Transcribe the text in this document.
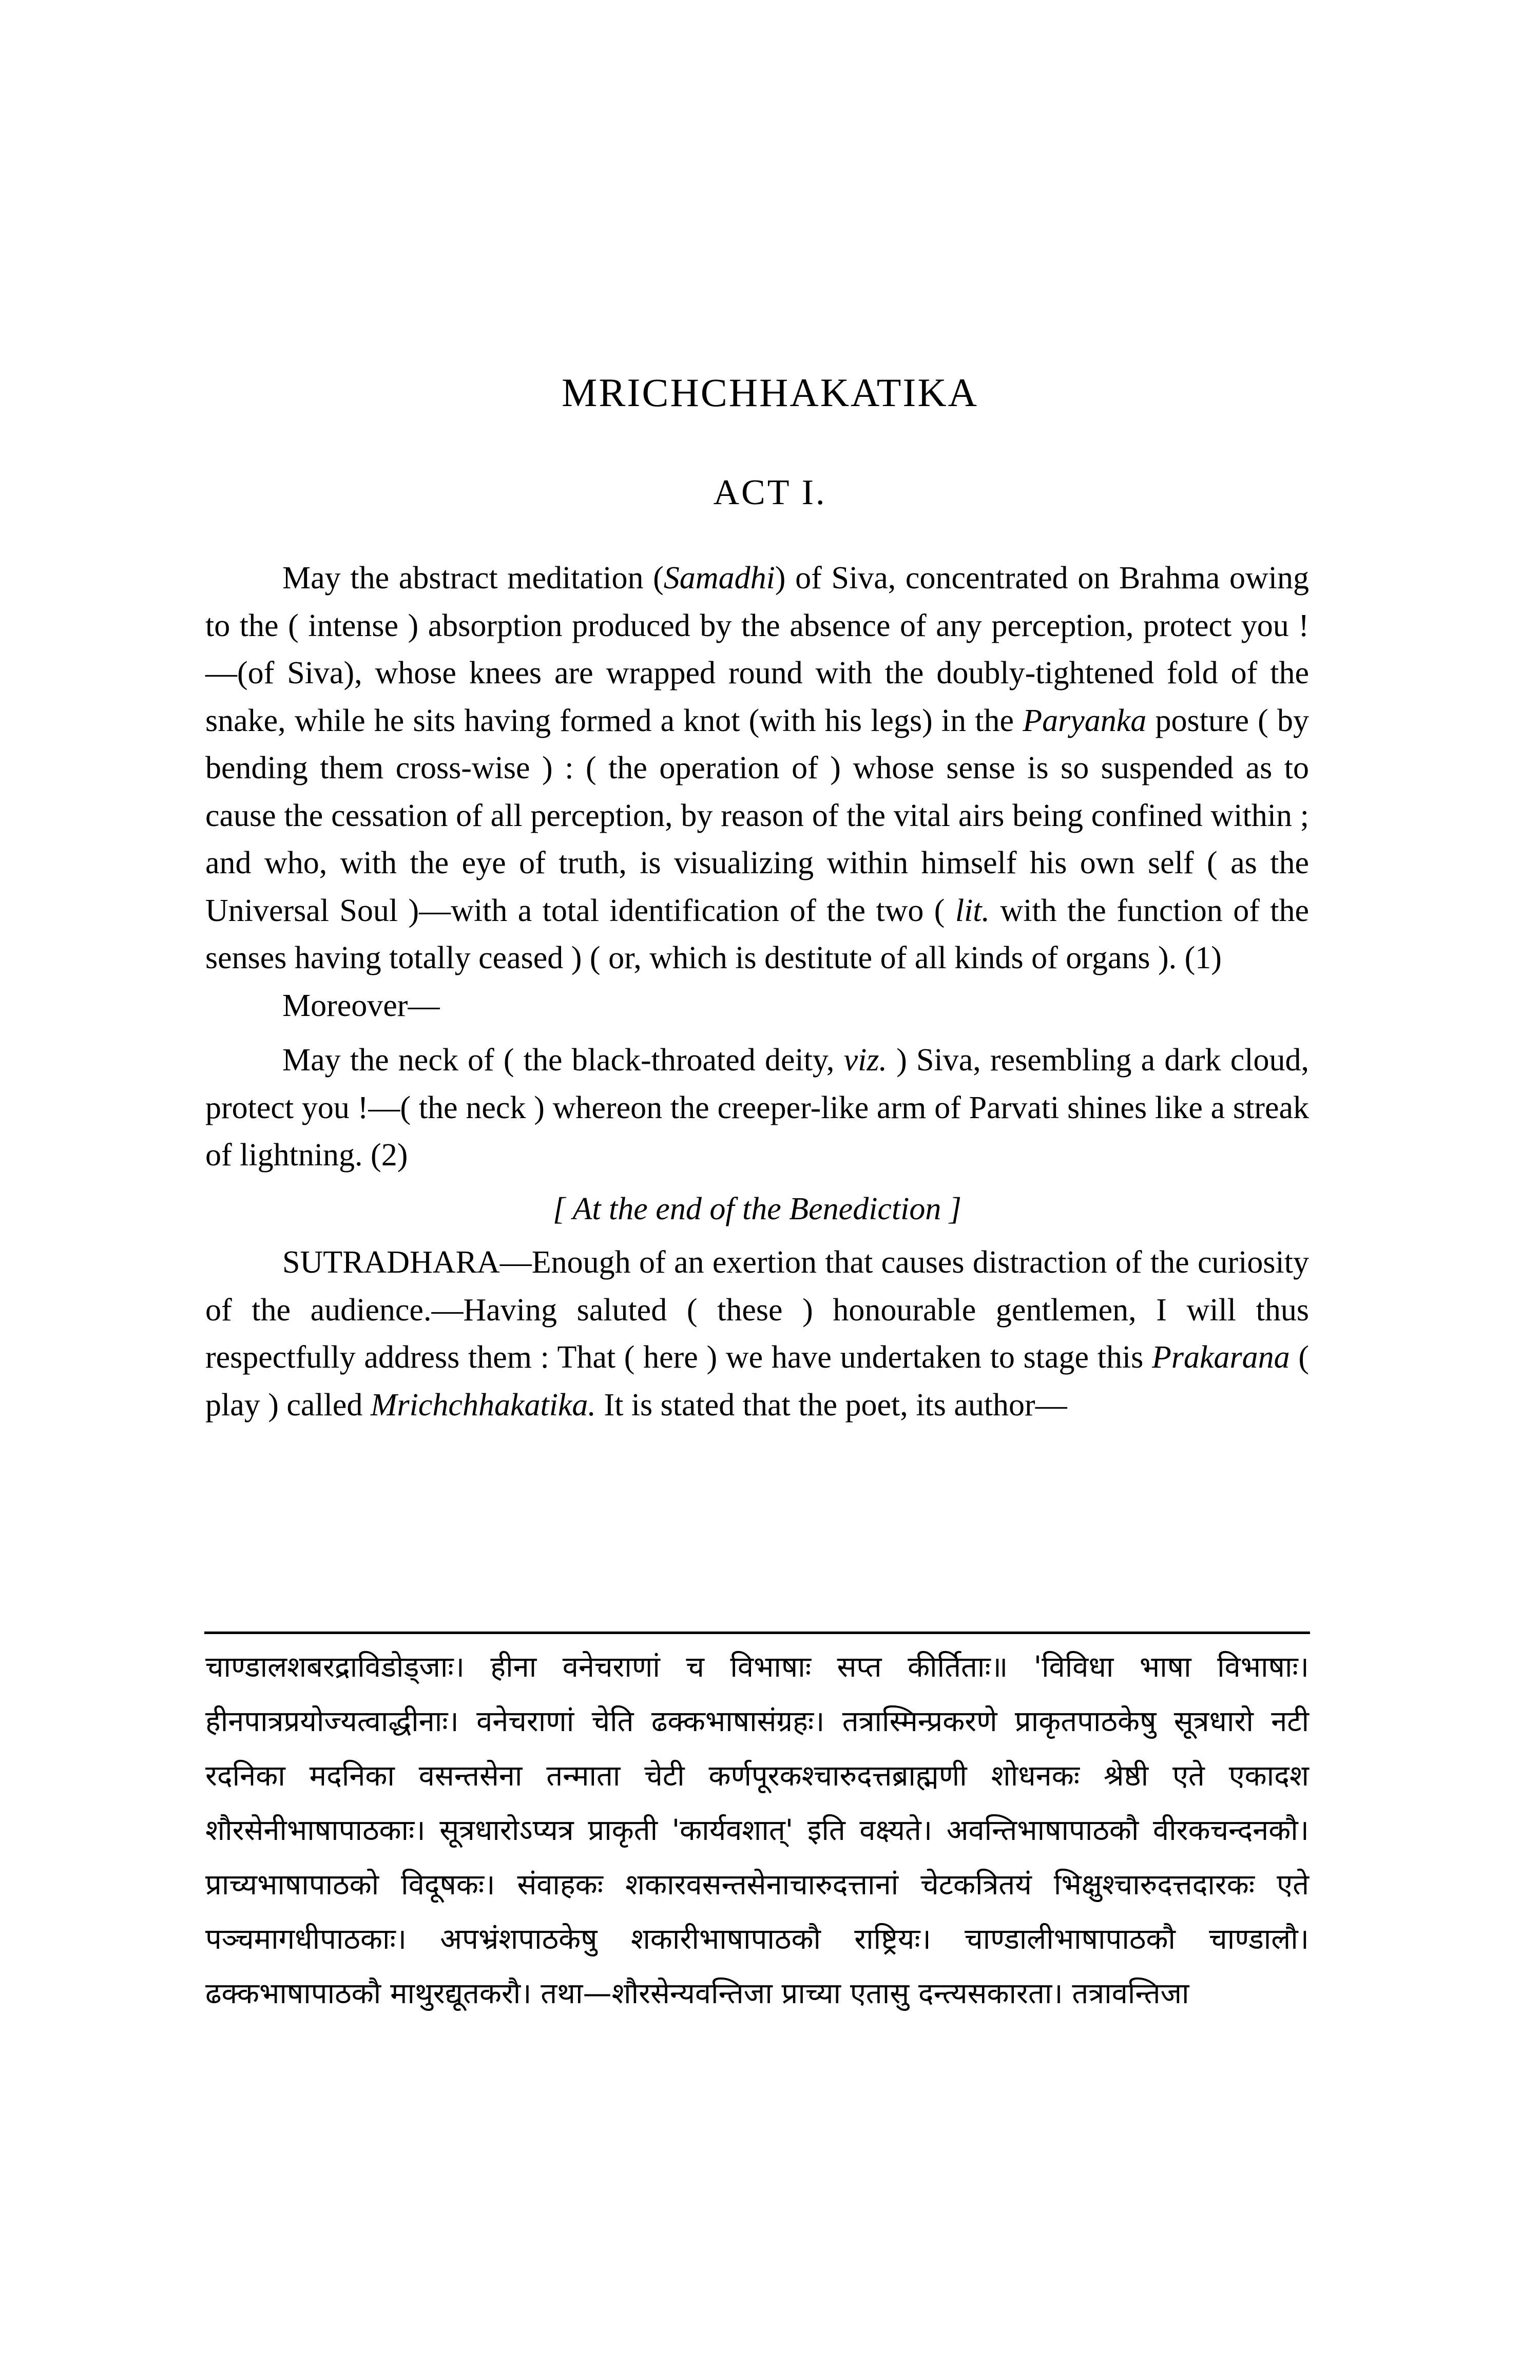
MRICHCHHAKATIKA
ACT I.

May the abstract meditation (Samadhi) of Siva, concentrated on Brahma owing to the ( intense ) absorption produced by the absence of any perception, protect you !—(of Siva), whose knees are wrapped round with the doubly-tightened fold of the snake, while he sits having formed a knot (with his legs) in the Paryanka posture ( by bending them cross-wise ) : ( the operation of ) whose sense is so suspended as to cause the cessation of all perception, by reason of the vital airs being confined within ; and who, with the eye of truth, is visualizing within himself his own self ( as the Universal Soul )—with a total identification of the two ( lit. with the function of the senses having totally ceased ) ( or, which is destitute of all kinds of organs ). (1)

Moreover—

May the neck of ( the black-throated deity, viz. ) Siva, resembling a dark cloud, protect you !—( the neck ) whereon the creeper-like arm of Parvati shines like a streak of lightning. (2)

[ At the end of the Benediction ]

SUTRADHARA—Enough of an exertion that causes distraction of the curiosity of the audience.—Having saluted ( these ) honourable gentlemen, I will thus respectfully address them : That ( here ) we have undertaken to stage this Prakarana ( play ) called Mrichchhakatika. It is stated that the poet, its author—

चाण्डालशबरद्राविडोड्जाः। हीना वनेचराणां च विभाषाः सप्त कीर्तिताः॥ 'विविधा भाषा विभाषाः। हीनपात्रप्रयोज्यत्वाद्धीनाः। वनेचराणां चेति ढक्कभाषासंग्रहः। तत्रास्मिन्प्रकरणे प्राकृतपाठकेषु सूत्रधारो नटी रदनिका मदनिका वसन्तसेना तन्माता चेटी कर्णपूरकश्चारुदत्तब्राह्मणी शोधनकः श्रेष्ठी एते एकादश शौरसेनीभाषापाठकाः। सूत्रधारोऽप्यत्र प्राकृती 'कार्यवशात्' इति वक्ष्यते। अवन्तिभाषापाठकौ वीरकचन्दनकौ। प्राच्यभाषापाठको विदूषकः। संवाहकः शकारवसन्तसेनाचारुदत्तानां चेटकत्रितयं भिक्षुश्चारुदत्तदारकः एते पञ्चमागधीपाठकाः। अपभ्रंशपाठकेषु शकारीभाषापाठकौ राष्ट्रियः। चाण्डालीभाषापाठकौ चाण्डालौ। ढक्कभाषापाठकौ माथुरद्यूतकरौ। तथा—शौरसेन्यवन्तिजा प्राच्या एतासु दन्त्यसकारता। तत्रावन्तिजा
